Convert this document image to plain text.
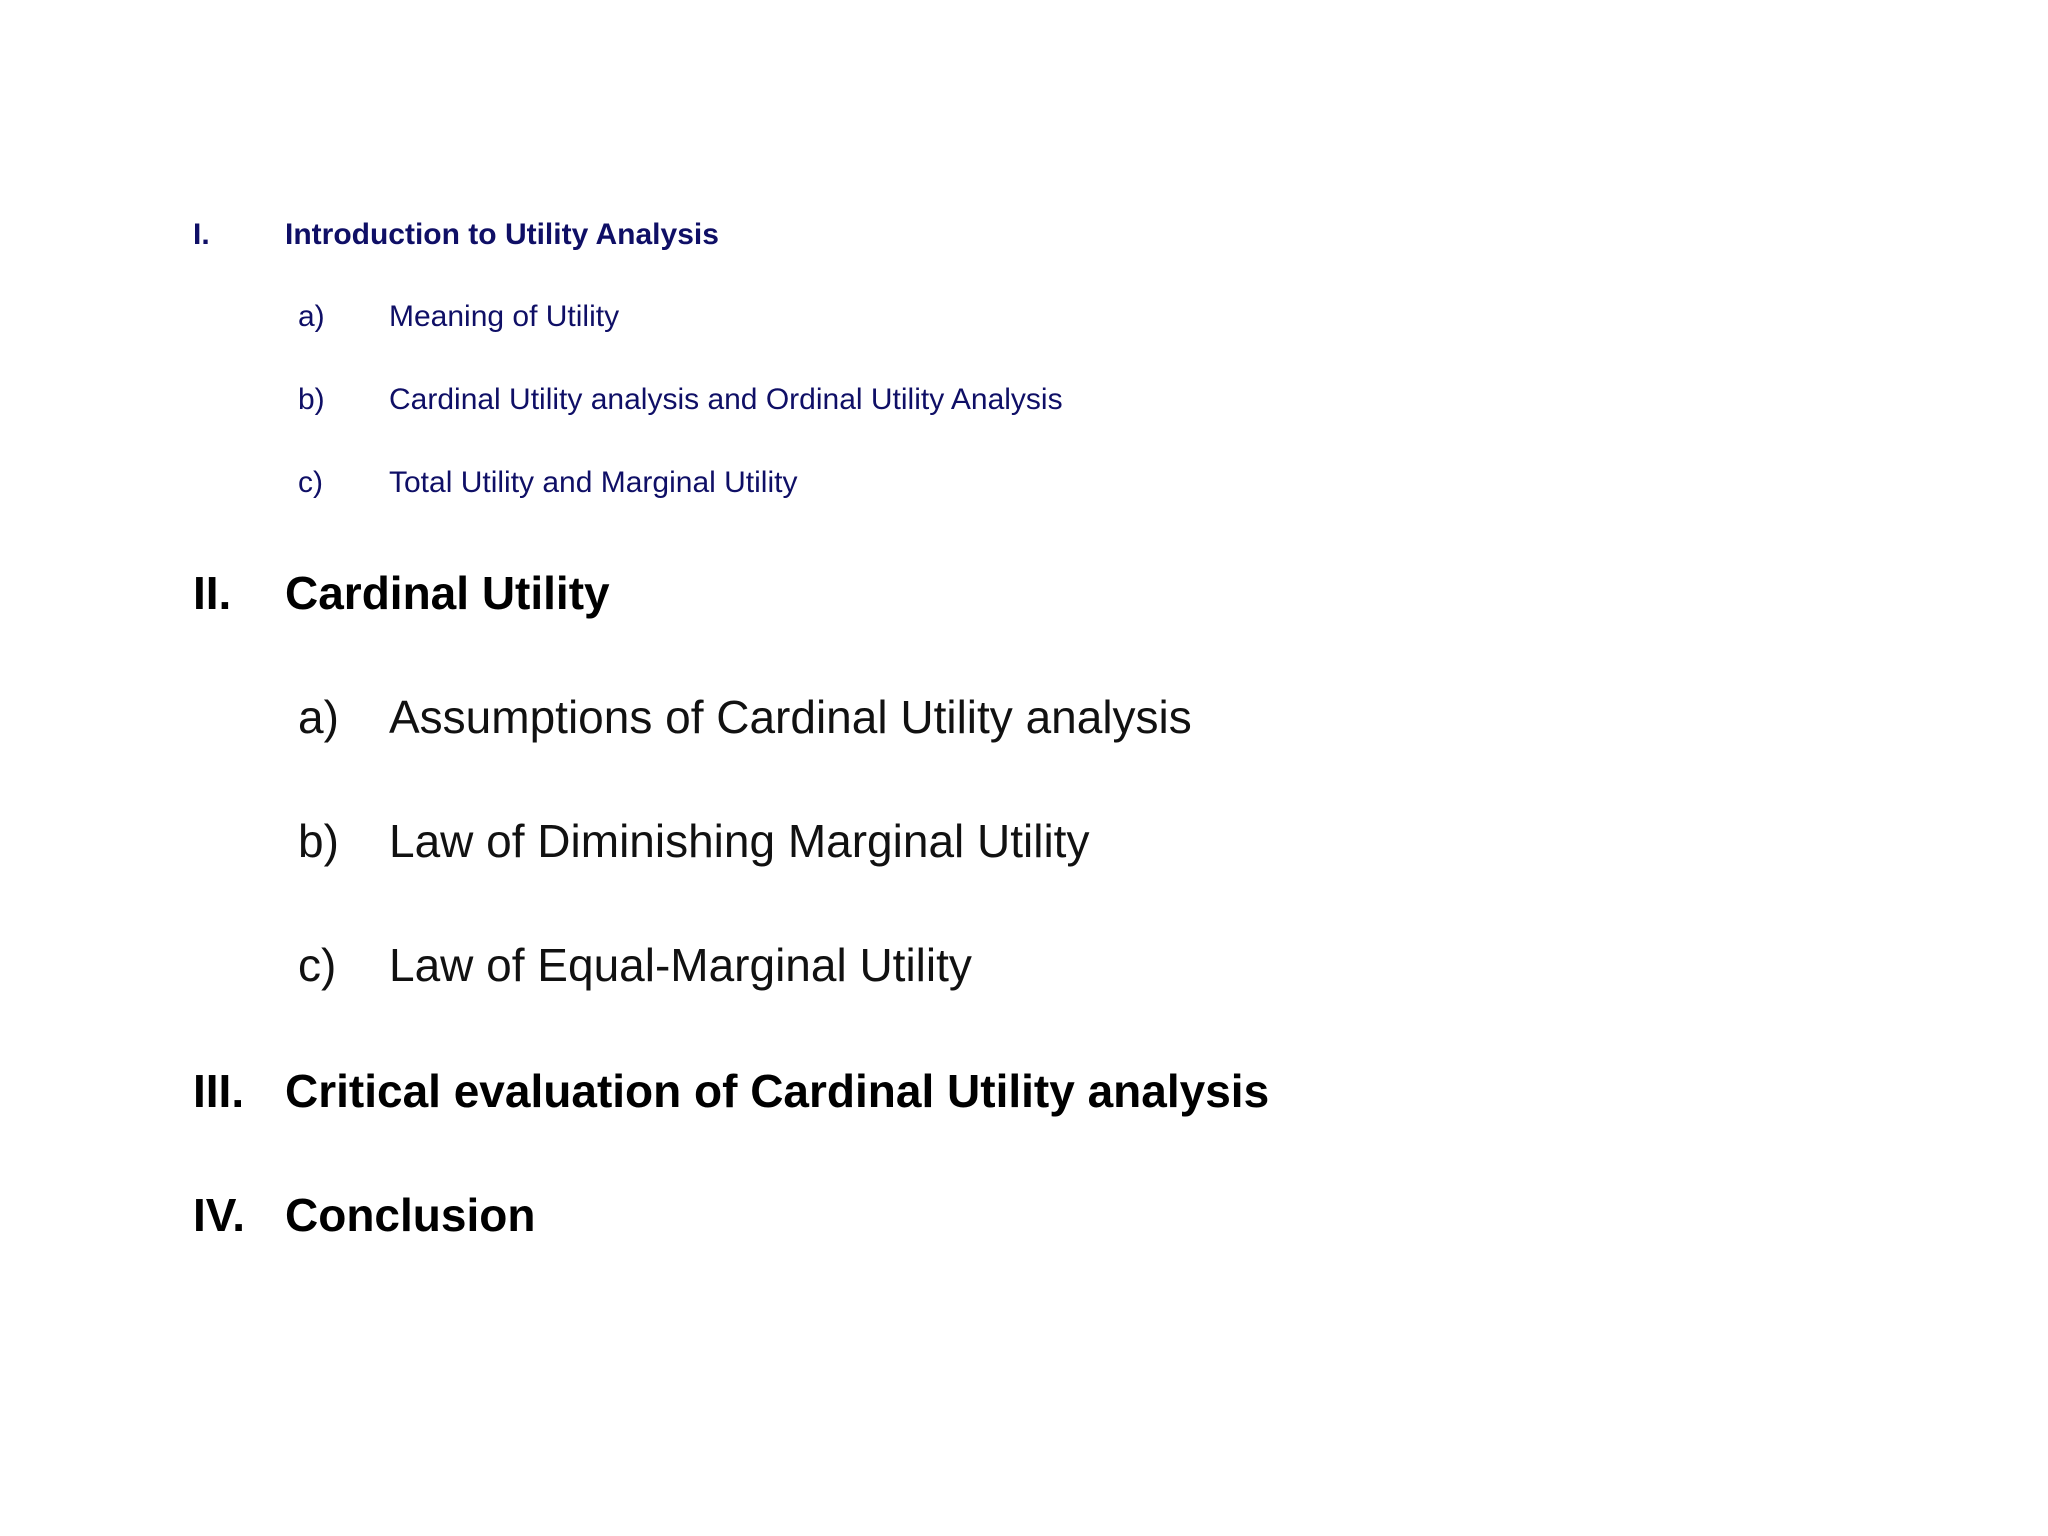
I.	Introduction to Utility Analysis
a) Meaning of Utility
b) Cardinal Utility analysis and Ordinal Utility Analysis
c) Total Utility and Marginal Utility
II. Cardinal Utility
a) Assumptions of Cardinal Utility analysis
b) Law of Diminishing Marginal Utility
c) Law of Equal-Marginal Utility
III. Critical evaluation of Cardinal Utility analysis
IV. Conclusion
